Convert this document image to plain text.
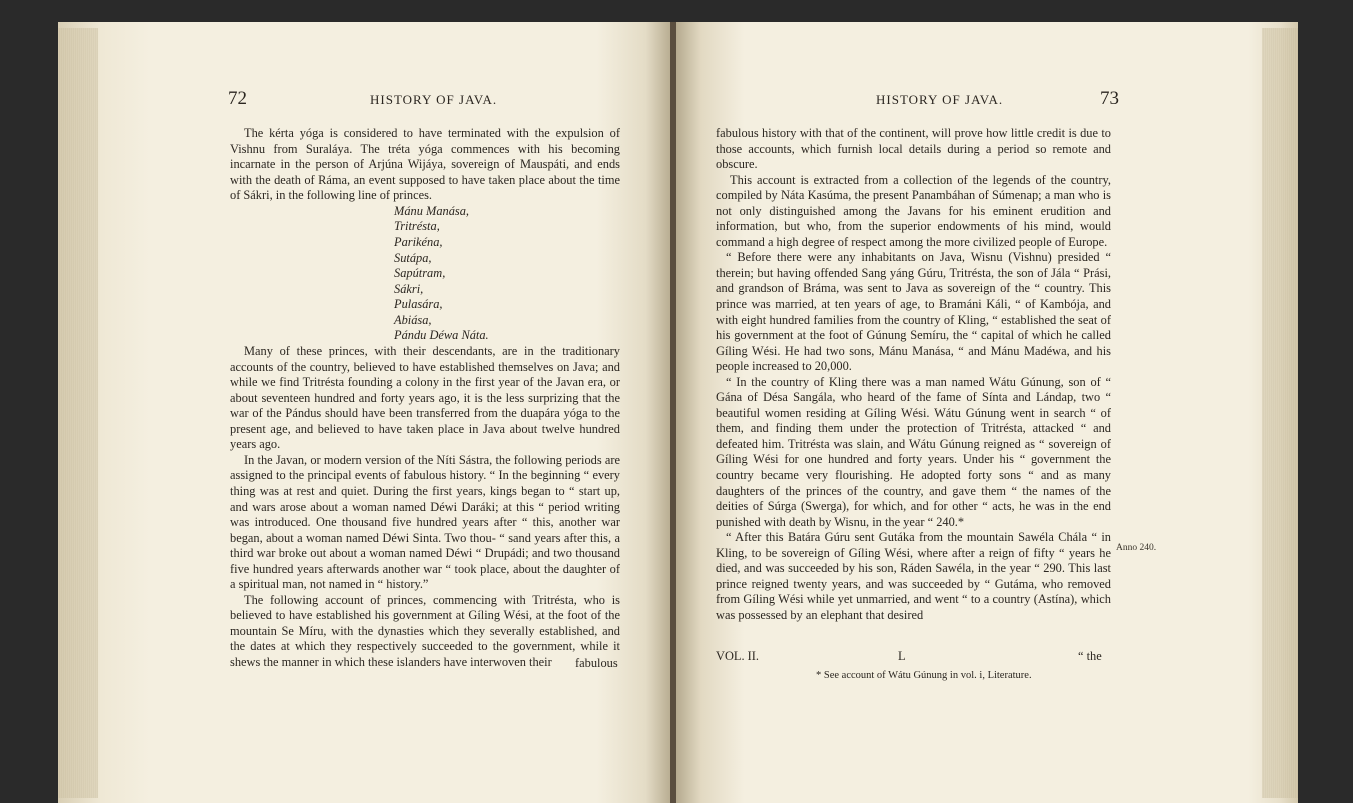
72	HISTORY OF JAVA.

The kérta yóga is considered to have terminated with the expulsion of Vishnu from Suraláya. The tréta yóga commences with his becoming incarnate in the person of Arjúna Wijáya, sovereign of Mauspáti, and ends with the death of Ráma, an event supposed to have taken place about the time of Sákri, in the following line of princes.

Mánu Manása,
Tritrésta,
Parikéna,
Sutápa,
Sapútram,
Sákri,
Pulasára,
Abiása,
Pándu Déwa Náta.

Many of these princes, with their descendants, are in the traditionary accounts of the country, believed to have established themselves on Java; and while we find Tritrésta founding a colony in the first year of the Javan era, or about seventeen hundred and forty years ago, it is the less surprizing that the war of the Pándus should have been transferred from the duapára yóga to the present age, and believed to have taken place in Java about twelve hundred years ago.

In the Javan, or modern version of the Níti Sástra, the following periods are assigned to the principal events of fabulous history. “ In the beginning “ every thing was at rest and quiet. During the first years, kings began to “ start up, and wars arose about a woman named Déwi Daráki; at this “ period writing was introduced. One thousand five hundred years after “ this, another war began, about a woman named Déwi Sinta. Two thou- “ sand years after this, a third war broke out about a woman named Déwi “ Drupádi; and two thousand five hundred years afterwards another war “ took place, about the daughter of a spiritual man, not named in “ history.”

The following account of princes, commencing with Tritrésta, who is believed to have established his government at Gíling Wési, at the foot of the mountain Se Míru, with the dynasties which they severally established, and the dates at which they respectively succeeded to the government, while it shews the manner in which these islanders have interwoven their	fabulous
HISTORY OF JAVA.	73

fabulous history with that of the continent, will prove how little credit is due to those accounts, which furnish local details during a period so remote and obscure.

This account is extracted from a collection of the legends of the country, compiled by Náta Kasúma, the present Panambáhan of Súmenap; a man who is not only distinguished among the Javans for his eminent erudition and information, but who, from the superior endowments of his mind, would command a high degree of respect among the more civilized people of Europe.

“ Before there were any inhabitants on Java, Wisnu (Vishnu) presided “ therein; but having offended Sang yáng Gúru, Tritrésta, the son of Jála “ Prási, and grandson of Bráma, was sent to Java as sovereign of the “ country. This prince was married, at ten years of age, to Bramáni Káli, “ of Kambója, and with eight hundred families from the country of Kling, “ established the seat of his government at the foot of Gúnung Semíru, the “ capital of which he called Gíling Wési. He had two sons, Mánu Manása, “ and Mánu Madéwa, and his people increased to 20,000.

“ In the country of Kling there was a man named Wátu Gúnung, son of “ Gána of Désa Sangála, who heard of the fame of Sínta and Lándap, two “ beautiful women residing at Gíling Wési. Wátu Gúnung went in search “ of them, and finding them under the protection of Tritrésta, attacked “ and defeated him. Tritrésta was slain, and Wátu Gúnung reigned as “ sovereign of Gíling Wési for one hundred and forty years. Under his “ government the country became very flourishing. He adopted forty sons “ and as many daughters of the princes of the country, and gave them “ the names of the deities of Súrga (Swerga), for which, and for other “ acts, he was in the end punished with death by Wisnu, in the year “ 240.*

“ After this Batára Gúru sent Gutáka from the mountain Sawéla Chála “ in Kling, to be sovereign of Gíling Wési, where after a reign of fifty “ years he died, and was succeeded by his son, Ráden Sawéla, in the year “ 290. This last prince reigned twenty years, and was succeeded by “ Gutáma, who removed from Gíling Wési while yet unmarried, and went “ to a country (Astína), which was possessed by an elephant that desired

Anno 240.
VOL. II.	L	“ the
* See account of Wátu Gúnung in vol. i, Literature.
